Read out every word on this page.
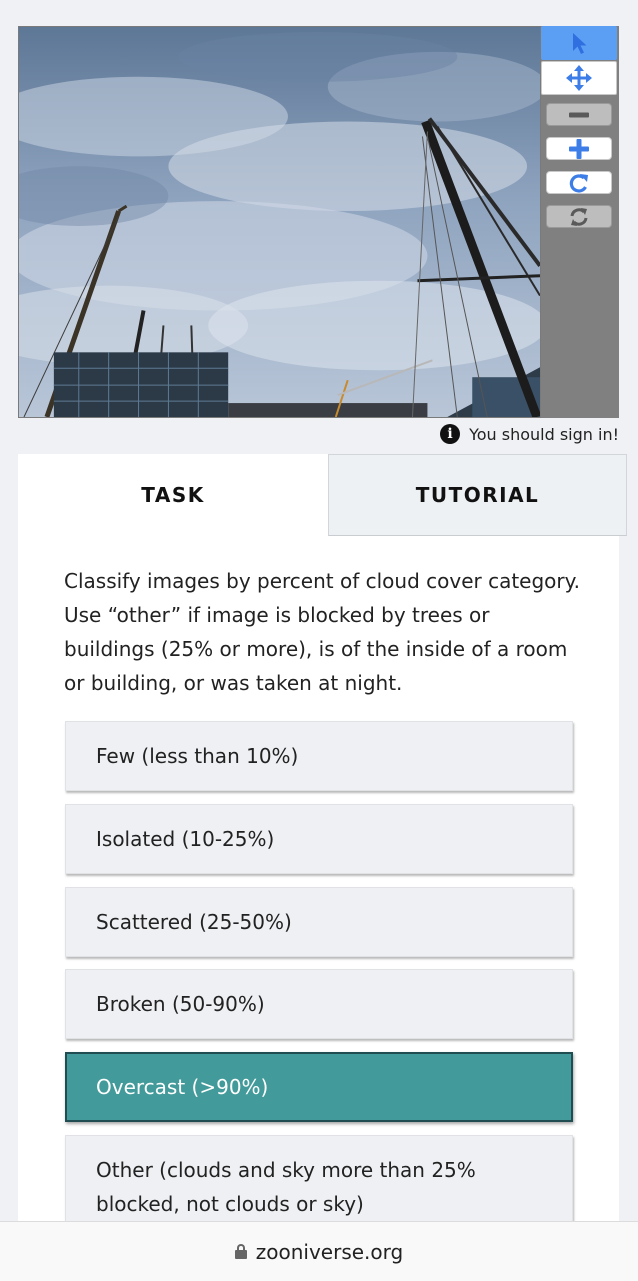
i	You should sign in!
TASK	TUTORIAL

Classify images by percent of cloud cover category. Use “other” if image is blocked by trees or buildings (25% or more), is of the inside of a room or building, or was taken at night.

Few (less than 10%)
Isolated (10-25%)
Scattered (25-50%)
Broken (50-90%)
Overcast (>90%)
Other (clouds and sky more than 25% blocked, not clouds or sky)
zooniverse.org
